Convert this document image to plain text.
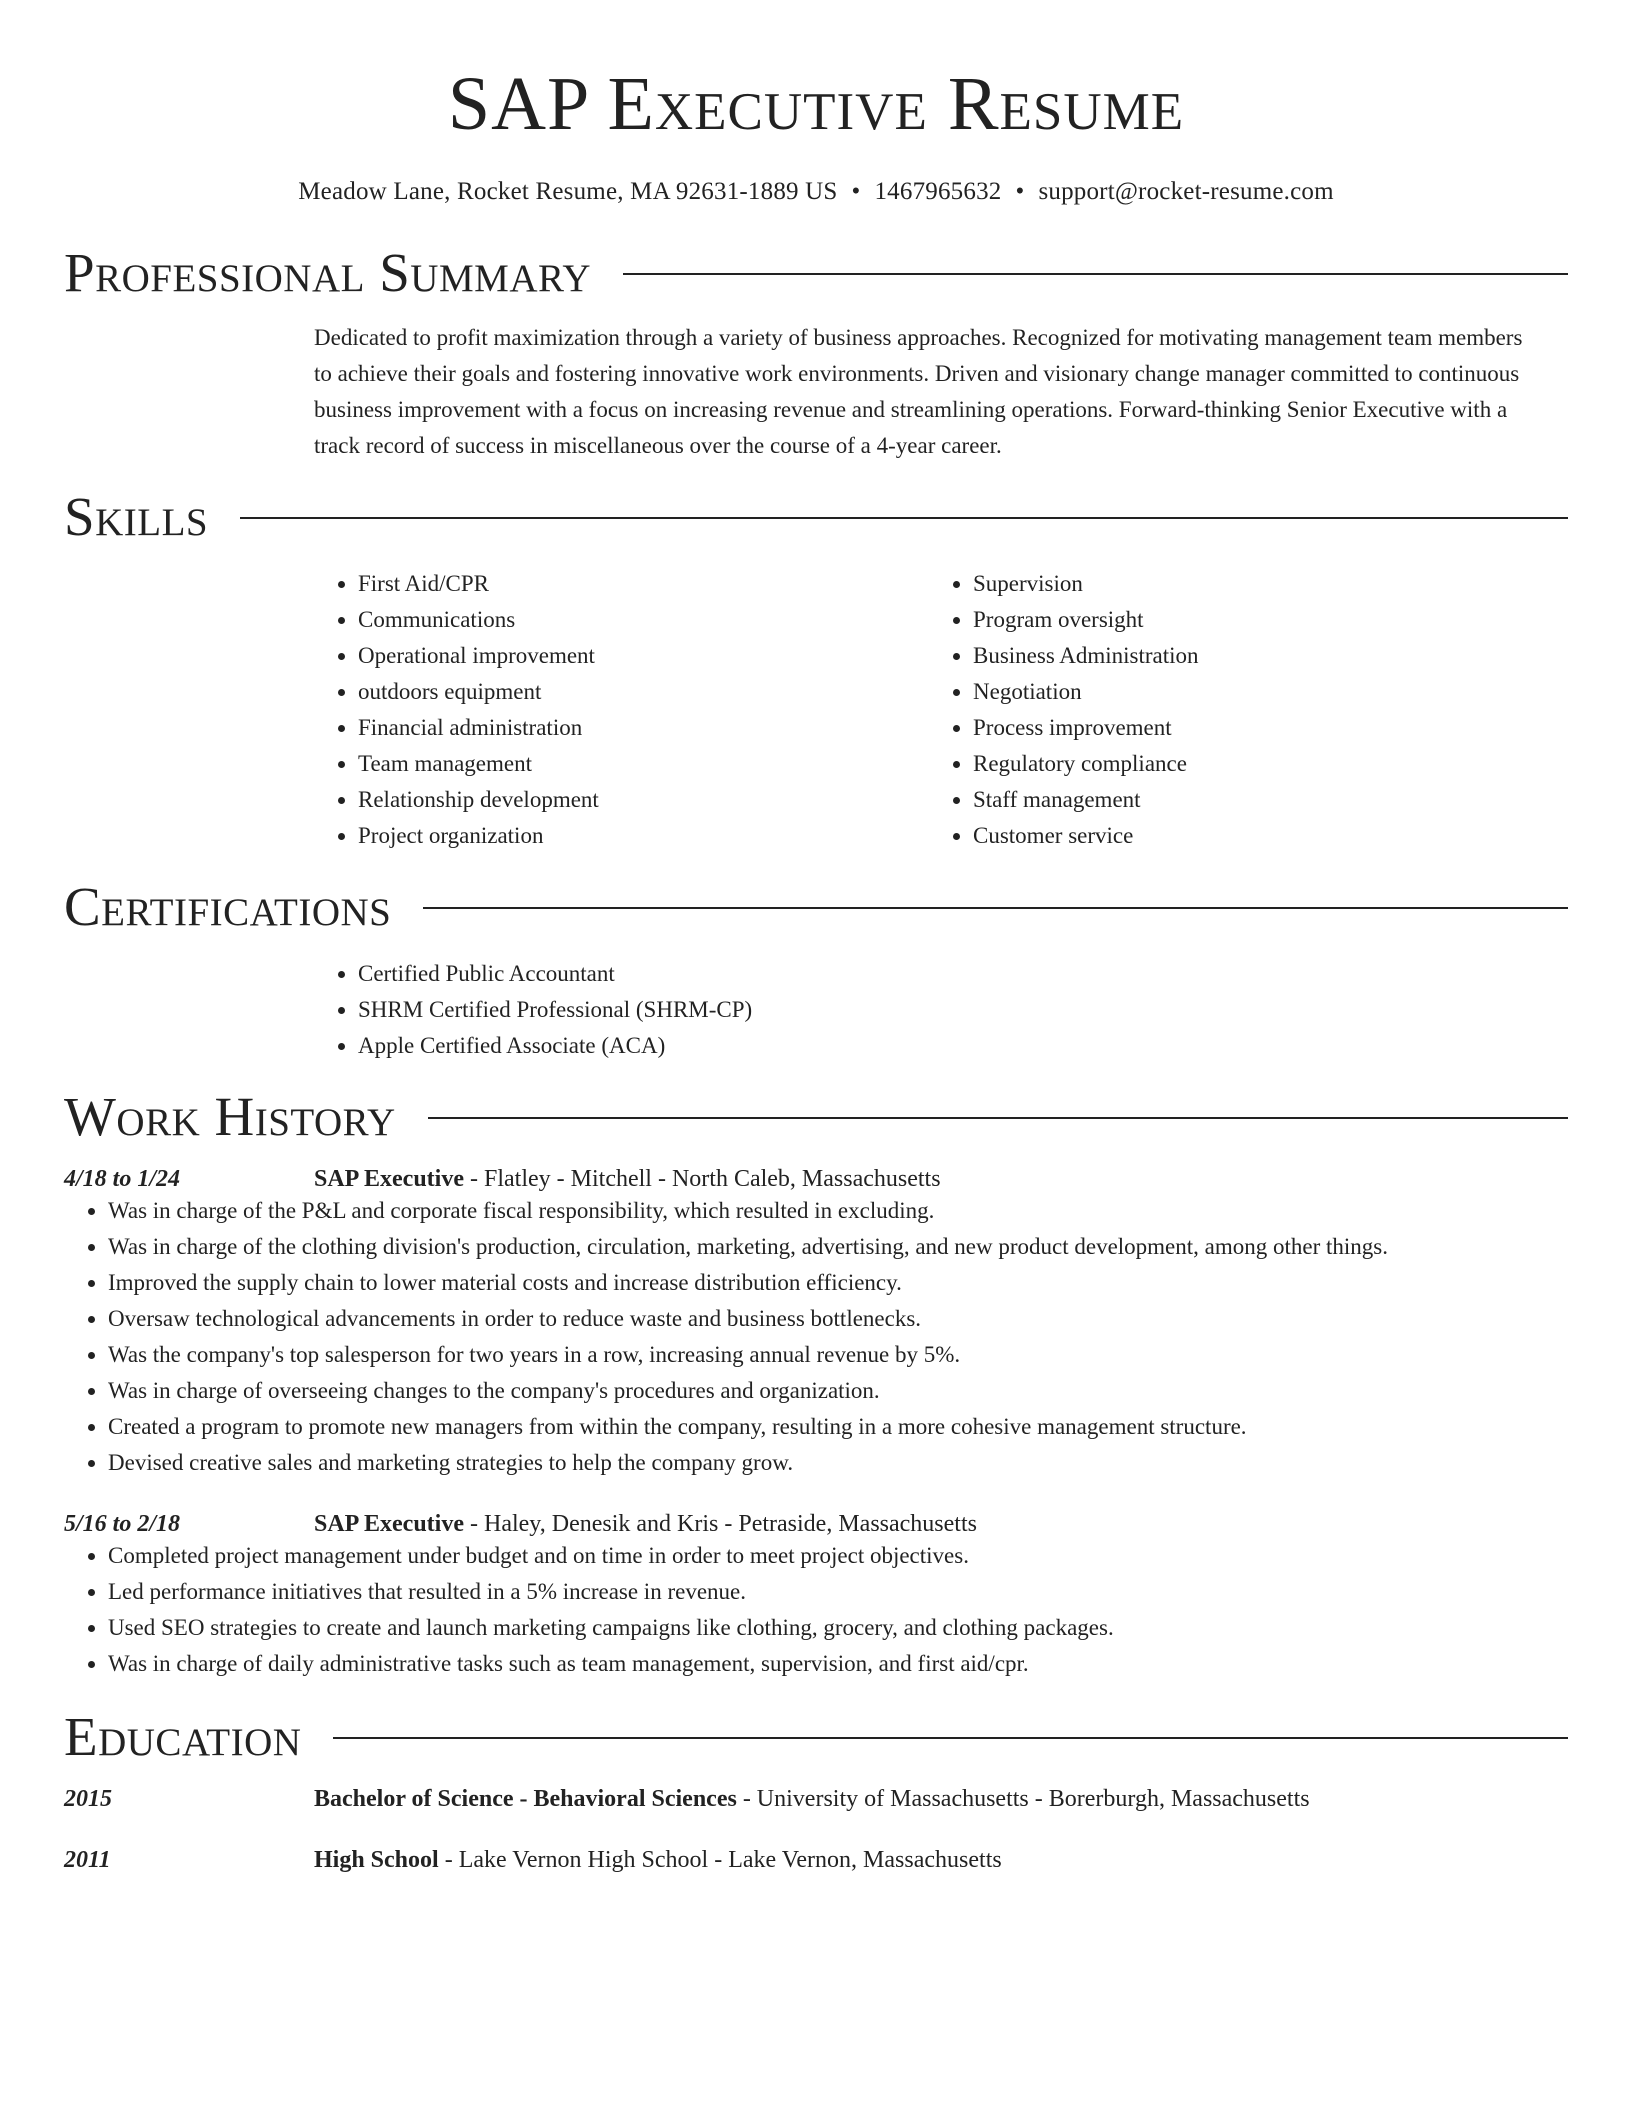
SAP Executive Resume
Meadow Lane, Rocket Resume, MA 92631-1889 US • 1467965632 • support@rocket-resume.com
Professional Summary

Dedicated to profit maximization through a variety of business approaches. Recognized for motivating management team members to achieve their goals and fostering innovative work environments. Driven and visionary change manager committed to continuous business improvement with a focus on increasing revenue and streamlining operations. Forward-thinking Senior Executive with a track record of success in miscellaneous over the course of a 4-year career.

Skills
• First Aid/CPR
• Communications
• Operational improvement
• outdoors equipment
• Financial administration
• Team management
• Relationship development
• Project organization
• Supervision
• Program oversight
• Business Administration
• Negotiation
• Process improvement
• Regulatory compliance
• Staff management
• Customer service
Certifications
• Certified Public Accountant
• SHRM Certified Professional (SHRM-CP)
• Apple Certified Associate (ACA)
Work History
4/18 to 1/24	SAP Executive - Flatley - Mitchell - North Caleb, Massachusetts
• Was in charge of the P&L and corporate fiscal responsibility, which resulted in excluding.
• Was in charge of the clothing division's production, circulation, marketing, advertising, and new product development, among other things.
• Improved the supply chain to lower material costs and increase distribution efficiency.
• Oversaw technological advancements in order to reduce waste and business bottlenecks.
• Was the company's top salesperson for two years in a row, increasing annual revenue by 5%.
• Was in charge of overseeing changes to the company's procedures and organization.
• Created a program to promote new managers from within the company, resulting in a more cohesive management structure.
• Devised creative sales and marketing strategies to help the company grow.
5/16 to 2/18	SAP Executive - Haley, Denesik and Kris - Petraside, Massachusetts
• Completed project management under budget and on time in order to meet project objectives.
• Led performance initiatives that resulted in a 5% increase in revenue.
• Used SEO strategies to create and launch marketing campaigns like clothing, grocery, and clothing packages.
• Was in charge of daily administrative tasks such as team management, supervision, and first aid/cpr.
Education
2015	Bachelor of Science - Behavioral Sciences - University of Massachusetts - Borerburgh, Massachusetts
2011	High School - Lake Vernon High School - Lake Vernon, Massachusetts
